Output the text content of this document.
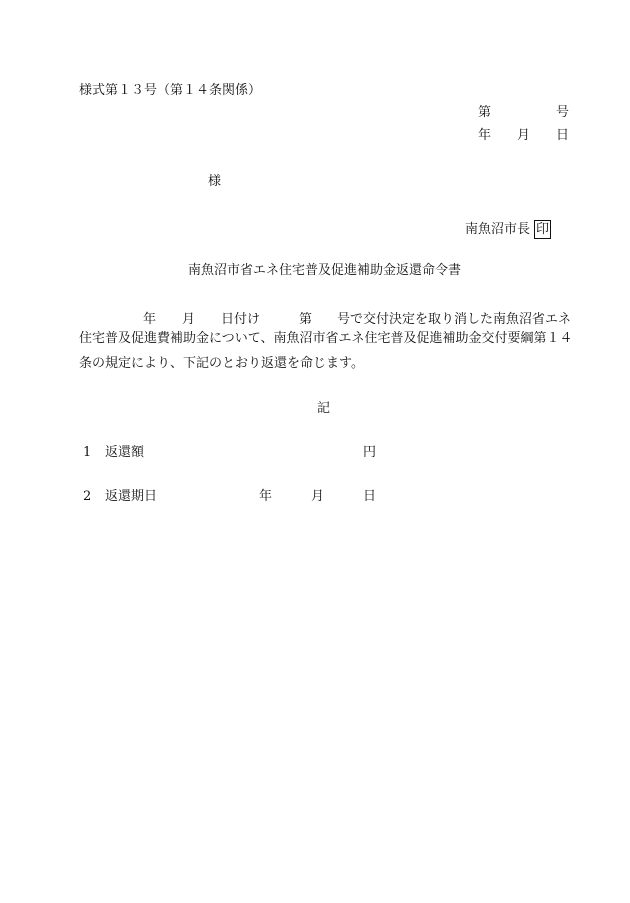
様式第１３号（第１４条関係）
第	号
年 月 日
様
南魚沼市長 印
南魚沼市省エネ住宅普及促進補助金返還命令書
年 月 日付け	第 号で交付決定を取り消した南魚沼省エネ
住宅普及促進費補助金について、南魚沼市省エネ住宅普及促進補助金交付要綱第１４
条の規定により、下記のとおり返還を命じます。
記
1 返還額	円
2 返還期日	年	月	日
